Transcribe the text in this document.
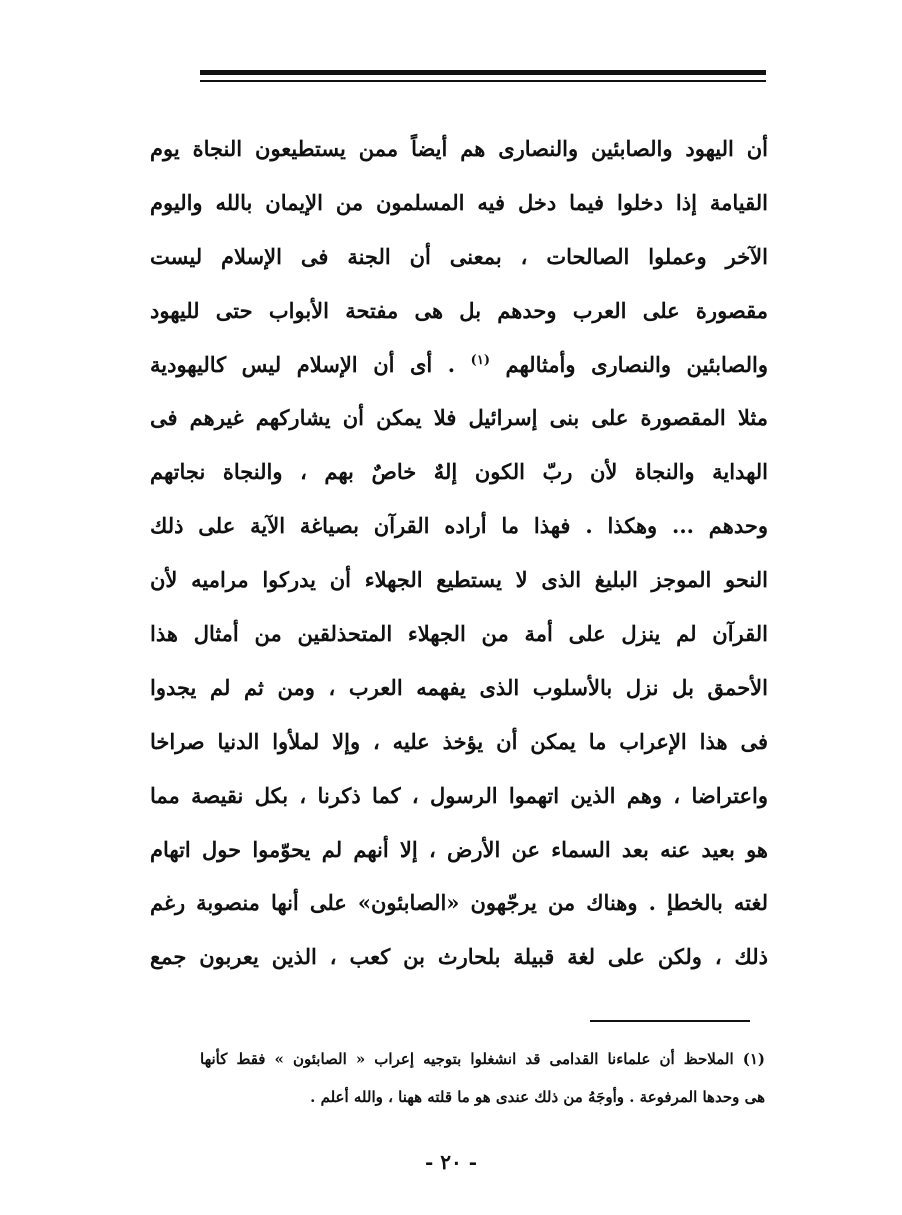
أن اليهود والصابئين والنصارى هم أيضاً ممن يستطيعون النجاة يوم
القيامة إذا دخلوا فيما دخل فيه المسلمون من الإيمان بالله واليوم
الآخر وعملوا الصالحات ، بمعنى أن الجنة فى الإسلام ليست
مقصورة على العرب وحدهم بل هى مفتحة الأبواب حتى لليهود
والصابئين والنصارى وأمثالهم $^{(١)}$ . أى أن الإسلام ليس كاليهودية
مثلا المقصورة على بنى إسرائيل فلا يمكن أن يشاركهم غيرهم فى
الهداية والنجاة لأن ربّ الكون إلهٌ خاصٌ بهم ، والنجاة نجاتهم
وحدهم ... وهكذا . فهذا ما أراده القرآن بصياغة الآية على ذلك
النحو الموجز البليغ الذى لا يستطيع الجهلاء أن يدركوا مراميه لأن
القرآن لم ينزل على أمة من الجهلاء المتحذلقين من أمثال هذا
الأحمق بل نزل بالأسلوب الذى يفهمه العرب ، ومن ثم لم يجدوا
فى هذا الإعراب ما يمكن أن يؤخذ عليه ، وإلا لملأوا الدنيا صراخا
واعتراضا ، وهم الذين اتهموا الرسول ، كما ذكرنا ، بكل نقيصة مما
هو بعيد عنه بعد السماء عن الأرض ، إلا أنهم لم يحوّموا حول اتهام
لغته بالخطإ . وهناك من يرجّهون «الصابئون» على أنها منصوبة رغم
ذلك ، ولكن على لغة قبيلة بلحارث بن كعب ، الذين يعربون جمع
(١) الملاحظ أن علماءنا القدامى قد انشغلوا بتوجيه إعراب « الصابئون » فقط كأنها
هى وحدها المرفوعة . وأوجَهُ من ذلك عندى هو ما قلته ههنا ، والله أعلم .
- ٢٠ -
